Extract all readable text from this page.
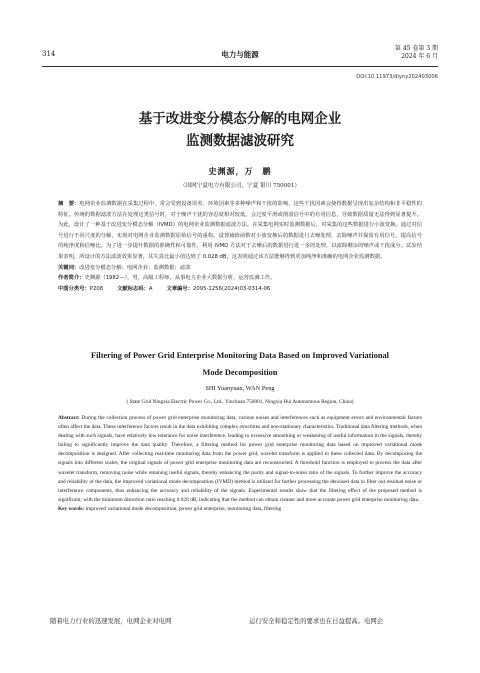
314	电力与能源
第 45 卷第 3 期
2024 年 6 月
DOI:10.11973/dlyny202403006
基于改进变分模态分解的电网企业
监测数据滤波研究
史渊源，万　鹏
（国网宁夏电力有限公司，宁夏 银川 750001）

摘　要：电网企业监测数据在采集过程中，常会受到设备误差、环境因素等多种噪声和干扰的影响，这些干扰因素会使得数据呈现出复杂结构和非平稳性的特征。传统的数据滤波方法在处理这类信号时，对于噪声干扰的容忍度相对较低，会过度平滑或削弱信号中的有用信息，导致数据质量无法得到显著提升。为此，设计了一种基于改进变分模态分解（IVMD）的电网企业监测数据滤波方法。在采集电网实时监测数据后，对采集的这些数据进行小波变换。通过对信号进行不同尺度的分解，实现对电网企业监测数据原始信号的重构。设置阈值函数对小波变换后的数据进行去噪处理，去除噪声并保留有用信号，提高信号的纯净度和信噪比。为了进一步提升数据的准确性和可靠性，利用 IVMD 方法对于去噪后的数据进行进一步的处理，以滤除剩余的噪声或干扰成分。试验结果表明，所设计的方法滤波效果显著，其失真比最小值达到了 0.028 dB，这表明通过该方法能够得到更加纯净和准确的电网企业监测数据。

关键词：改进变分模态分解；电网企业；监测数据；滤波

作者简介：史渊源（1982—），男，高级工程师，从事电力企业大数据分析、运营监测工作。

中图分类号：P208	文献标志码：A	文章编号：2095-1256(2024)03-0314-06

Filtering of Power Grid Enterprise Monitoring Data Based on Improved Variational
Mode Decomposition
SHI Yuanyuan, WAN Peng
( State Grid Ningxia Electric Power Co., Ltd., Yinchuan 750001, Ningxia Hui Autonomous Region, China)

Abstract: During the collection process of power grid enterprise monitoring data, various noises and interferences such as equipment errors and environmental factors often affect the data. These interference factors result in the data exhibiting complex structures and non-stationary characteristics. Traditional data filtering methods, when dealing with such signals, have relatively low tolerance for noise interference, leading to excessive smoothing or weakening of useful information in the signals, thereby failing to significantly improve the data quality. Therefore, a filtering method for power grid enterprise monitoring data based on improved variational mode decomposition is designed. After collecting real-time monitoring data from the power grid, wavelet transform is applied to these collected data. By decomposing the signals into different scales, the original signals of power grid enterprise monitoring data are reconstructed. A threshold function is employed to process the data after wavelet transform, removing noise while retaining useful signals, thereby enhancing the purity and signal-to-noise ratio of the signals. To further improve the accuracy and reliability of the data, the improved variational mode decomposition (IVMD) method is utilized for further processing the denoised data to filter out residual noise or interference components, thus enhancing the accuracy and reliability of the signals. Experimental results show that the filtering effect of the proposed method is significant, with the minimum distortion ratio reaching 0.028 dB, indicating that the method can obtain cleaner and more accurate power grid enterprise monitoring data.

Key words: improved variational mode decomposition, power grid enterprise, monitoring data, filtering

随着电力行业的迅速发展，电网企业对电网	运行安全和稳定性的要求也在日益提高。电网企
